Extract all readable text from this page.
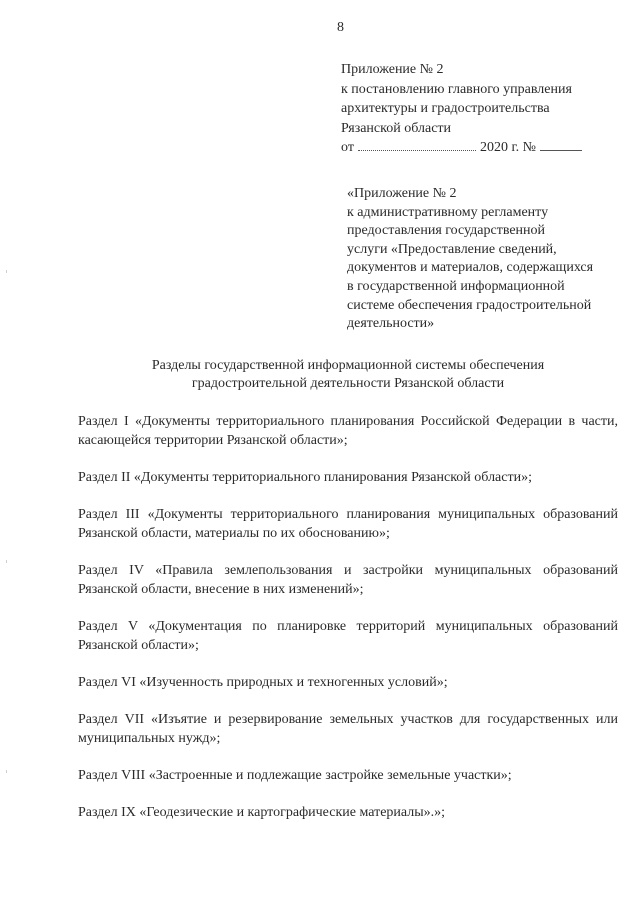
8
Приложение № 2
к постановлению главного управления
архитектуры и градостроительства
Рязанской области
от	2020 г. №
«Приложение № 2
к административному регламенту
предоставления государственной
услуги «Предоставление сведений,
документов и материалов, содержащихся
в государственной информационной
системе обеспечения градостроительной
деятельности»
Разделы государственной информационной системы обеспечения
градостроительной деятельности Рязанской области

Раздел I «Документы территориального планирования Российской Федерации в части, касающейся территории Рязанской области»;

Раздел II «Документы территориального планирования Рязанской области»;

Раздел III «Документы территориального планирования муниципальных образований Рязанской области, материалы по их обоснованию»;

Раздел IV «Правила землепользования и застройки муниципальных образований Рязанской области, внесение в них изменений»;

Раздел V «Документация по планировке территорий муниципальных образований Рязанской области»;

Раздел VI «Изученность природных и техногенных условий»;

Раздел VII «Изъятие и резервирование земельных участков для государственных или муниципальных нужд»;

Раздел VIII «Застроенные и подлежащие застройке земельные участки»;

Раздел IX «Геодезические и картографические материалы».»;
